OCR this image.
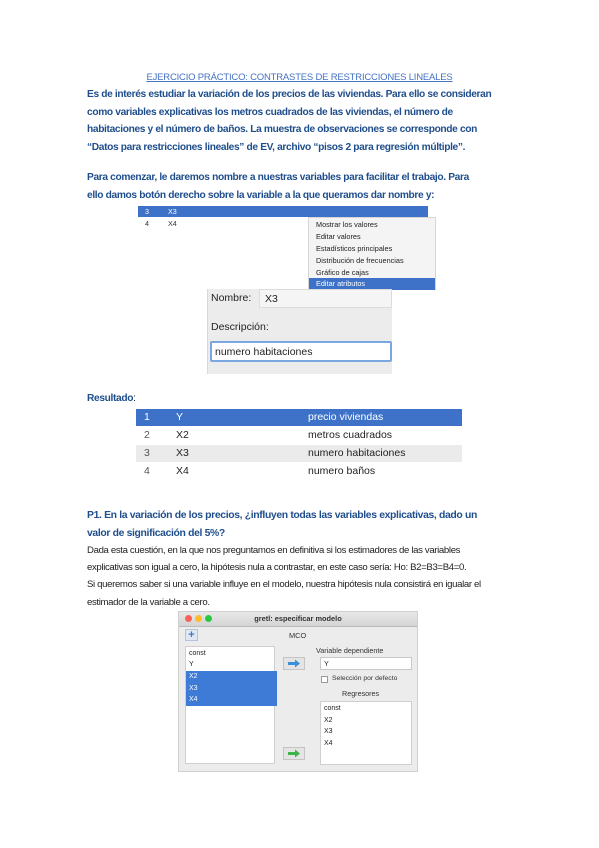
EJERCICIO PRÁCTICO: CONTRASTES DE RESTRICCIONES LINEALES
Es de interés estudiar la variación de los precios de las viviendas. Para ello se consideran
como variables explicativas los metros cuadrados de las viviendas, el número de
habitaciones y el número de baños. La muestra de observaciones se corresponde con
“Datos para restricciones lineales” de EV, archivo “pisos 2 para regresión múltiple”.
Para comenzar, le daremos nombre a nuestras variables para facilitar el trabajo. Para
ello damos botón derecho sobre la variable a la que queramos dar nombre y:
3	X3
4	X4	Mostrar los valores
Editar valores
Estadísticos principales
Distribución de frecuencias
Gráfico de cajas
Editar atributos
Nombre: X3
Descripción:
numero habitaciones
Resultado:
1 Y	precio viviendas
2 X2	metros cuadrados
3 X3	numero habitaciones
4 X4	numero baños
P1. En la variación de los precios, ¿influyen todas las variables explicativas, dado un
valor de significación del 5%?
Dada esta cuestión, en la que nos preguntamos en definitiva si los estimadores de las variables
explicativas son igual a cero, la hipótesis nula a contrastar, en este caso sería: Ho: B2=B3=B4=0.
Si queremos saber si una variable influye en el modelo, nuestra hipótesis nula consistirá en igualar el
estimador de la variable a cero.
gretl: especificar modelo
+	MCO
const
Y
X2
X3
X4
Variable dependiente
Y
Selección por defecto
Regresores
const
X2
X3
X4
